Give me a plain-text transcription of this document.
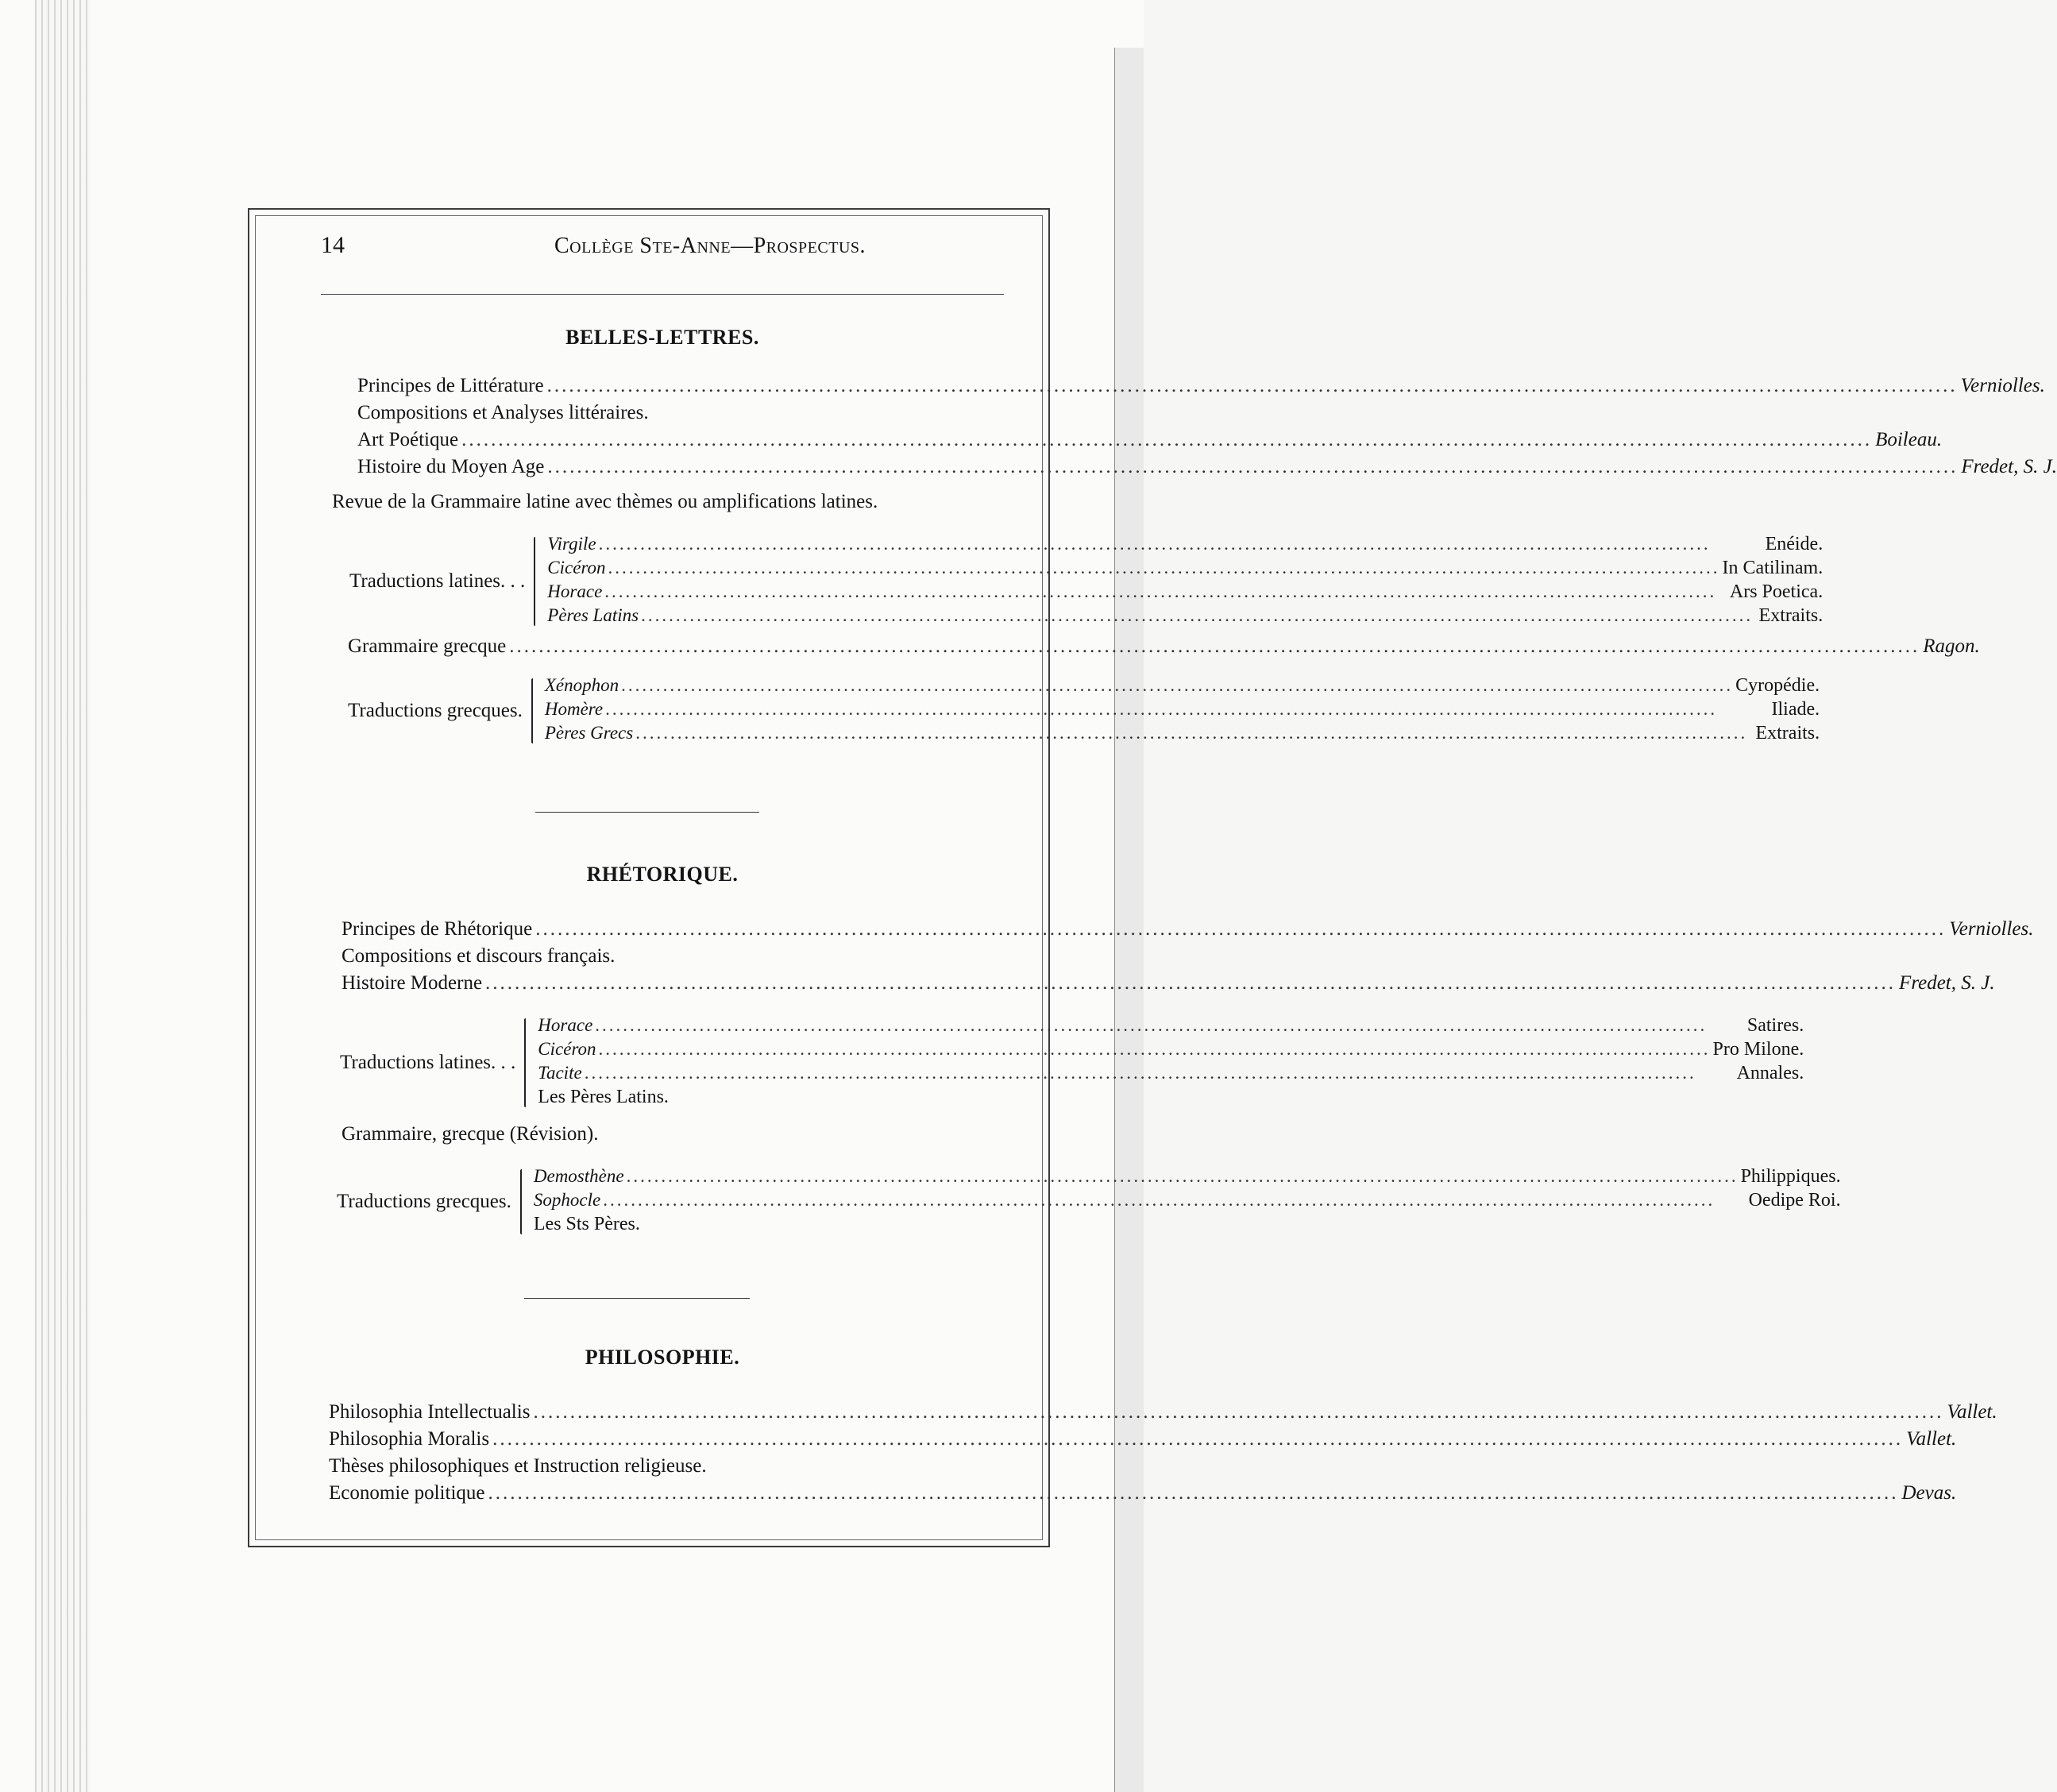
14	Collège Ste-Anne—Prospectus.
BELLES-LETTRES.
Principes de Littérature .....	Verniolles.
Compositions et Analyses littéraires.
Art Poétique .....	Boileau.
Histoire du Moyen Age .....	Fredet, S. J.
Revue de la Grammaire latine avec thèmes ou amplifications latines.
Traductions latines. . .
Virgile .....	Enéide.
Cicéron .....	In Catilinam.
Horace .....	Ars Poetica.
Pères Latins .....	Extraits.
Grammaire grecque .....	Ragon.
Traductions grecques.
Xénophon .....	Cyropédie.
Homère .....	Iliade.
Pères Grecs .....	Extraits.
RHÉTORIQUE.
Principes de Rhétorique .....	Verniolles.
Compositions et discours français.
Histoire Moderne .....	Fredet, S. J.
Traductions latines. . .
Horace .....	Satires.
Cicéron .....	Pro Milone.
Tacite .....	Annales.
Les Pères Latins.
Grammaire, grecque (Révision).
Traductions grecques.
Demosthène .....	Philippiques.
Sophocle .....	Oedipe Roi.
Les Sts Pères.
PHILOSOPHIE.
Philosophia Intellectualis .....	Vallet.
Philosophia Moralis .....	Vallet.
Thèses philosophiques et Instruction religieuse.
Economie politique .....	Devas.
